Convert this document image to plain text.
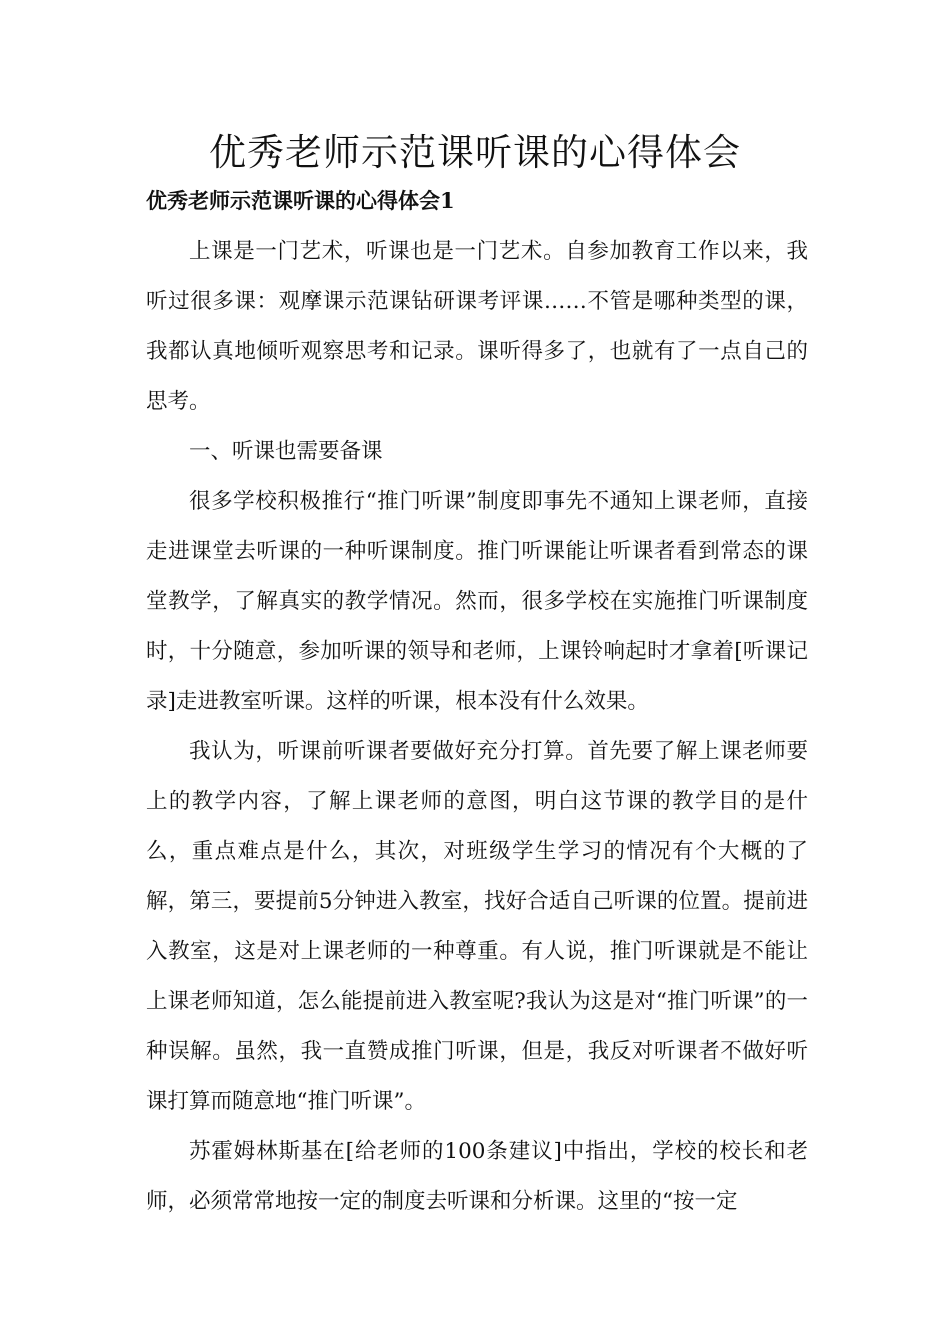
优秀老师示范课听课的心得体会
优秀老师示范课听课的心得体会1

上课是一门艺术，听课也是一门艺术。自参加教育工作以来，我听过很多课：观摩课示范课钻研课考评课……不管是哪种类型的课，我都认真地倾听观察思考和记录。课听得多了，也就有了一点自己的思考。

一、听课也需要备课

很多学校积极推行“推门听课”制度即事先不通知上课老师，直接走进课堂去听课的一种听课制度。推门听课能让听课者看到常态的课堂教学，了解真实的教学情况。然而，很多学校在实施推门听课制度时，十分随意，参加听课的领导和老师，上课铃响起时才拿着[听课记录]走进教室听课。这样的听课，根本没有什么效果。

我认为，听课前听课者要做好充分打算。首先要了解上课老师要上的教学内容，了解上课老师的意图，明白这节课的教学目的是什么，重点难点是什么，其次，对班级学生学习的情况有个大概的了解，第三，要提前5分钟进入教室，找好合适自己听课的位置。提前进入教室，这是对上课老师的一种尊重。有人说，推门听课就是不能让上课老师知道，怎么能提前进入教室呢?我认为这是对“推门听课”的一种误解。虽然，我一直赞成推门听课，但是，我反对听课者不做好听课打算而随意地“推门听课”。

苏霍姆林斯基在[给老师的100条建议]中指出，学校的校长和老师，必须常常地按一定的制度去听课和分析课。这里的“按一定
